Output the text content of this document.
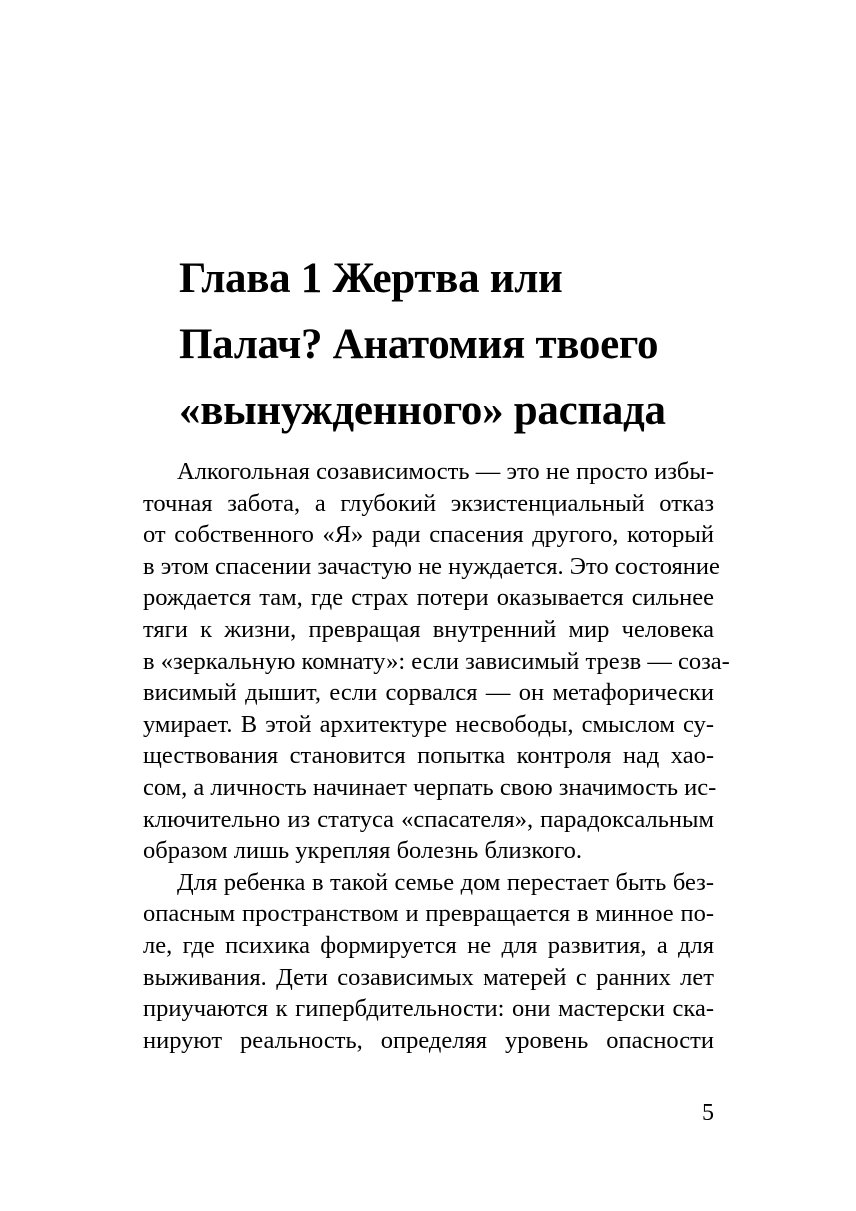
Глава 1 Жертва или
Палач? Анатомия твоего
«вынужденного» распада
Алкогольная созависимость — это не просто избы-
точная забота, а глубокий экзистенциальный отказ
от собственного «Я» ради спасения другого, который
в этом спасении зачастую не нуждается. Это состояние
рождается там, где страх потери оказывается сильнее
тяги к жизни, превращая внутренний мир человека
в «зеркальную комнату»: если зависимый трезв — соза-
висимый дышит, если сорвался — он метафорически
умирает. В этой архитектуре несвободы, смыслом су-
ществования становится попытка контроля над хао-
сом, а личность начинает черпать свою значимость ис-
ключительно из статуса «спасателя», парадоксальным
образом лишь укрепляя болезнь близкого.
Для ребенка в такой семье дом перестает быть без-
опасным пространством и превращается в минное по-
ле, где психика формируется не для развития, а для
выживания. Дети созависимых матерей с ранних лет
приучаются к гипербдительности: они мастерски ска-
нируют реальность, определяя уровень опасности
5
